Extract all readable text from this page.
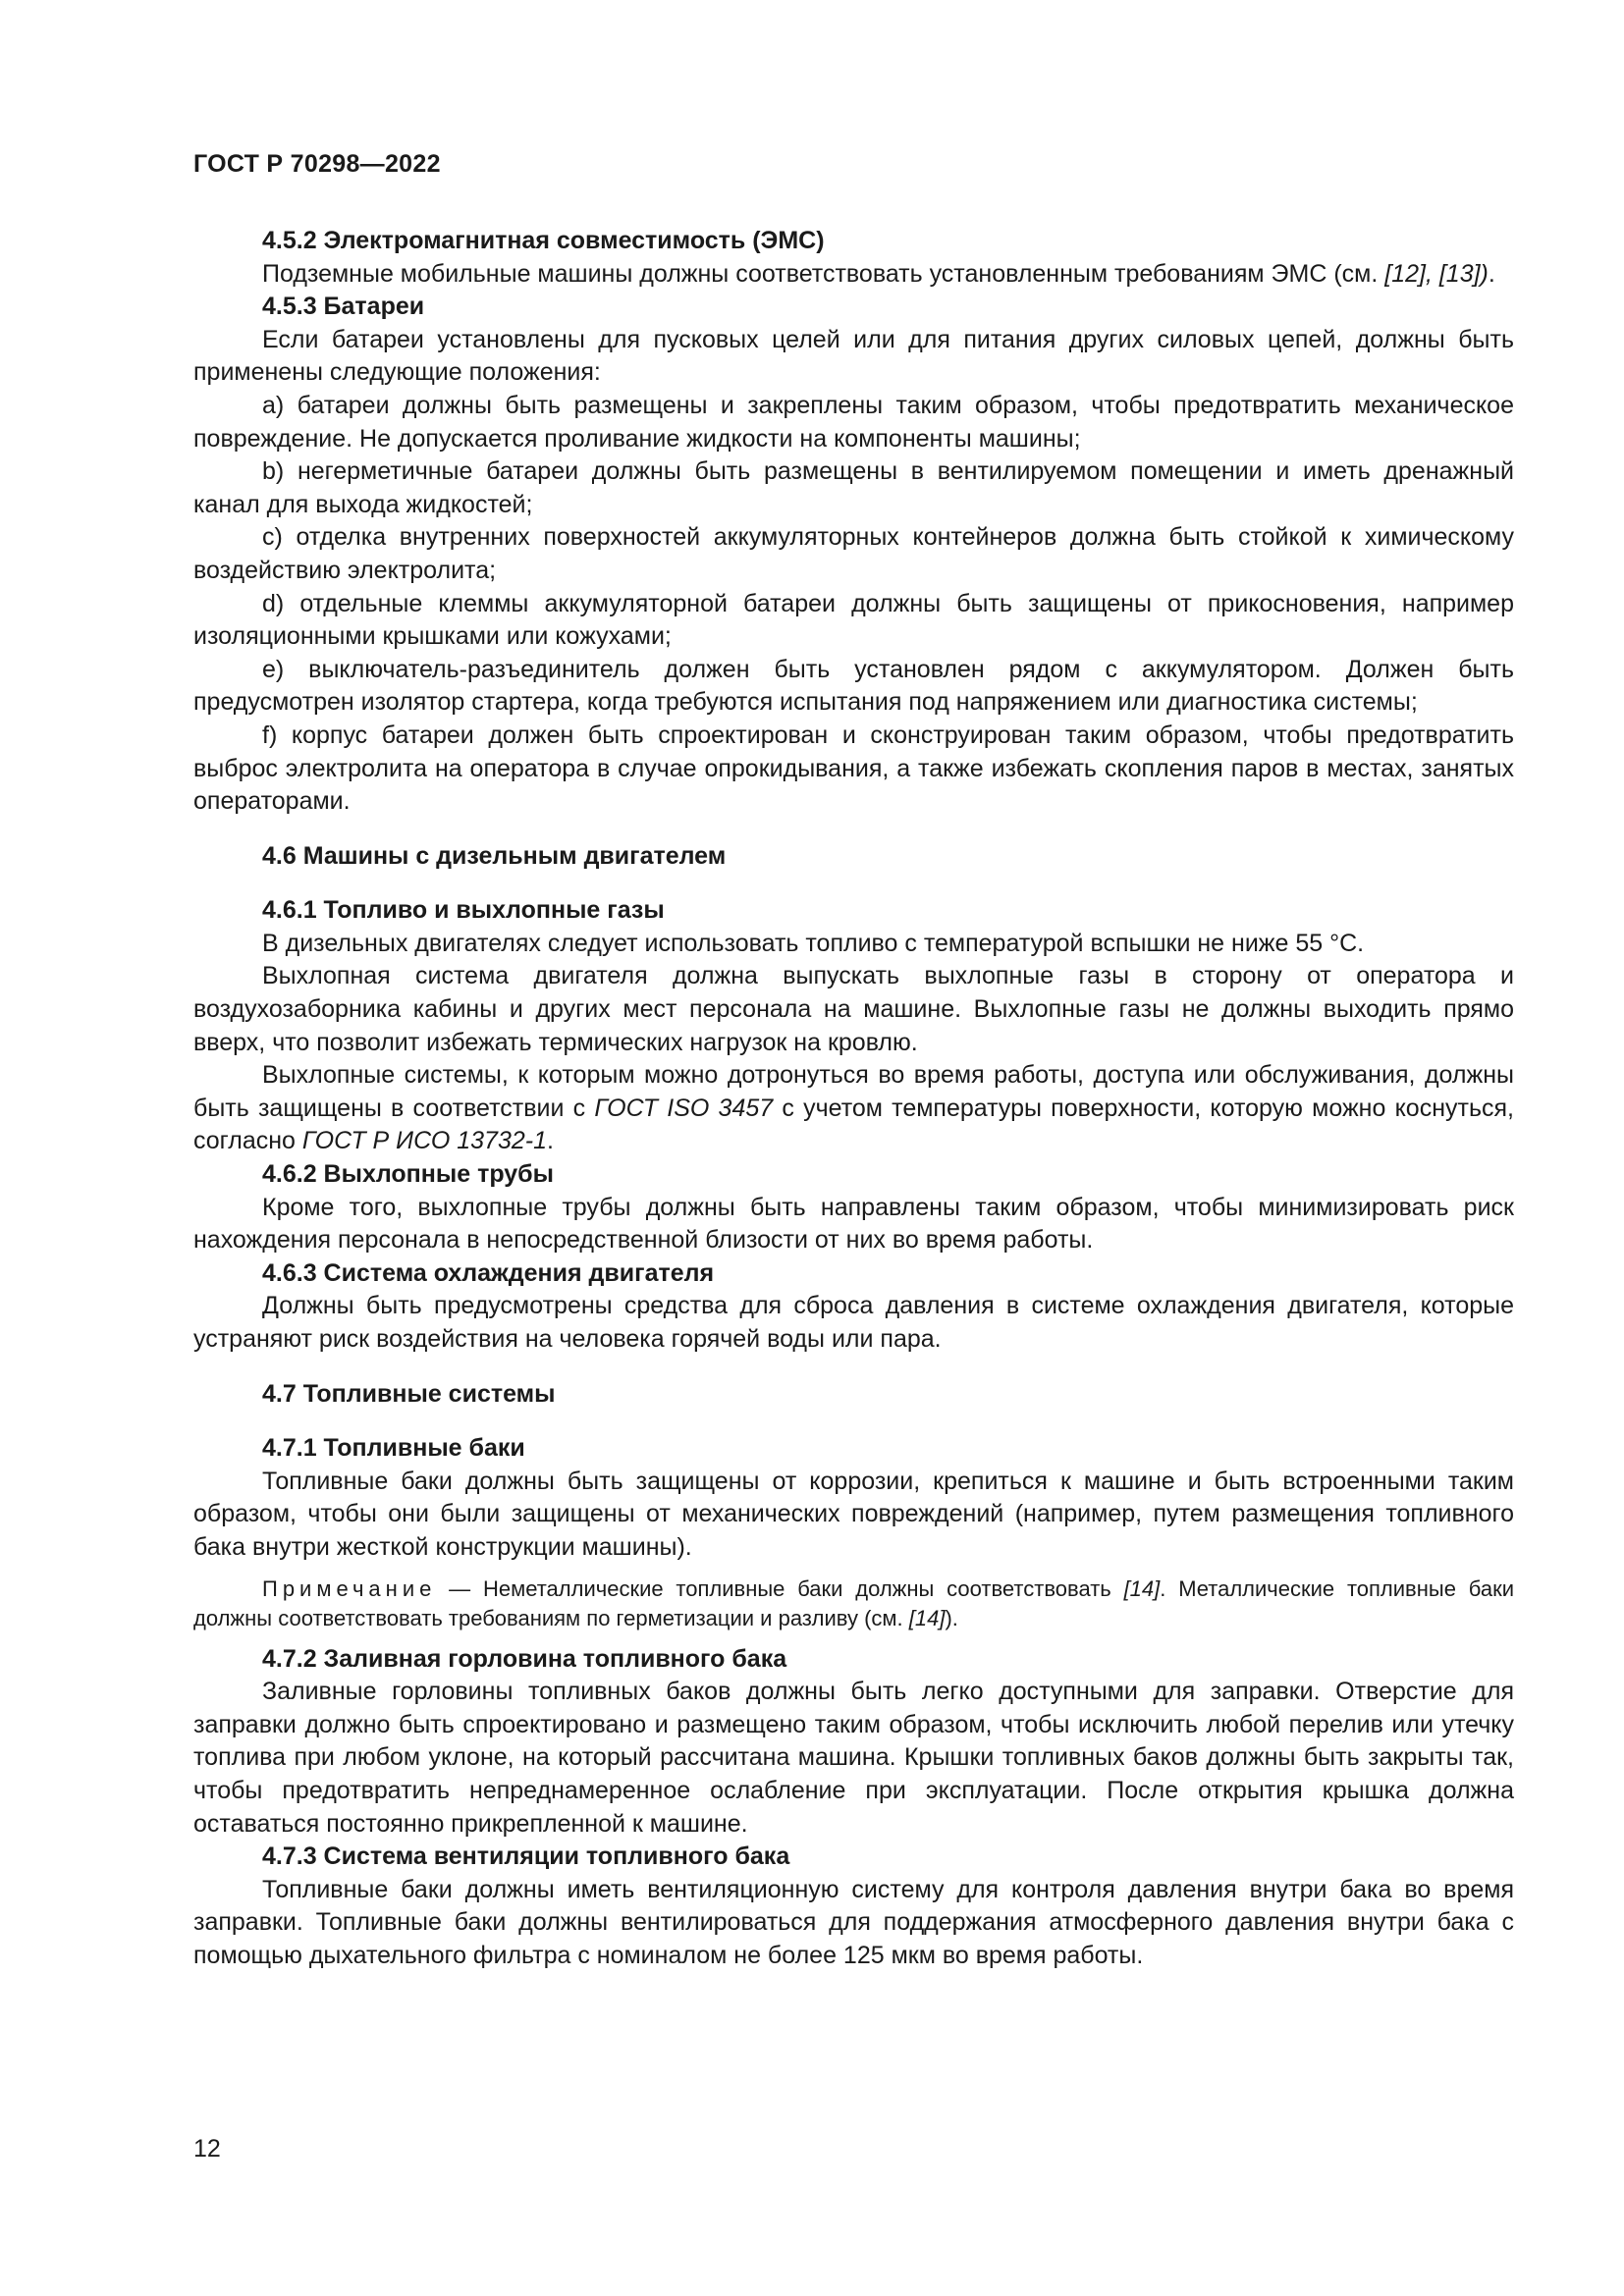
ГОСТ Р 70298—2022

4.5.2 Электромагнитная совместимость (ЭМС)

Подземные мобильные машины должны соответствовать установленным требованиям ЭМС (см. [12], [13]).

4.5.3 Батареи

Если батареи установлены для пусковых целей или для питания других силовых цепей, должны быть применены следующие положения:

a) батареи должны быть размещены и закреплены таким образом, чтобы предотвратить механическое повреждение. Не допускается проливание жидкости на компоненты машины;

b) негерметичные батареи должны быть размещены в вентилируемом помещении и иметь дренажный канал для выхода жидкостей;

c) отделка внутренних поверхностей аккумуляторных контейнеров должна быть стойкой к химическому воздействию электролита;

d) отдельные клеммы аккумуляторной батареи должны быть защищены от прикосновения, например изоляционными крышками или кожухами;

e) выключатель-разъединитель должен быть установлен рядом с аккумулятором. Должен быть предусмотрен изолятор стартера, когда требуются испытания под напряжением или диагностика системы;

f) корпус батареи должен быть спроектирован и сконструирован таким образом, чтобы предотвратить выброс электролита на оператора в случае опрокидывания, а также избежать скопления паров в местах, занятых операторами.

4.6 Машины с дизельным двигателем

4.6.1 Топливо и выхлопные газы

В дизельных двигателях следует использовать топливо с температурой вспышки не ниже 55 °С.

Выхлопная система двигателя должна выпускать выхлопные газы в сторону от оператора и воздухозаборника кабины и других мест персонала на машине. Выхлопные газы не должны выходить прямо вверх, что позволит избежать термических нагрузок на кровлю.

Выхлопные системы, к которым можно дотронуться во время работы, доступа или обслуживания, должны быть защищены в соответствии с ГОСТ ISO 3457 с учетом температуры поверхности, которую можно коснуться, согласно ГОСТ Р ИСО 13732-1.

4.6.2 Выхлопные трубы

Кроме того, выхлопные трубы должны быть направлены таким образом, чтобы минимизировать риск нахождения персонала в непосредственной близости от них во время работы.

4.6.3 Система охлаждения двигателя

Должны быть предусмотрены средства для сброса давления в системе охлаждения двигателя, которые устраняют риск воздействия на человека горячей воды или пара.

4.7 Топливные системы

4.7.1 Топливные баки

Топливные баки должны быть защищены от коррозии, крепиться к машине и быть встроенными таким образом, чтобы они были защищены от механических повреждений (например, путем размещения топливного бака внутри жесткой конструкции машины).

Примечание — Неметаллические топливные баки должны соответствовать [14]. Металлические топливные баки должны соответствовать требованиям по герметизации и разливу (см. [14]).

4.7.2 Заливная горловина топливного бака

Заливные горловины топливных баков должны быть легко доступными для заправки. Отверстие для заправки должно быть спроектировано и размещено таким образом, чтобы исключить любой перелив или утечку топлива при любом уклоне, на который рассчитана машина. Крышки топливных баков должны быть закрыты так, чтобы предотвратить непреднамеренное ослабление при эксплуатации. После открытия крышка должна оставаться постоянно прикрепленной к машине.

4.7.3 Система вентиляции топливного бака

Топливные баки должны иметь вентиляционную систему для контроля давления внутри бака во время заправки. Топливные баки должны вентилироваться для поддержания атмосферного давления внутри бака с помощью дыхательного фильтра с номиналом не более 125 мкм во время работы.

12
